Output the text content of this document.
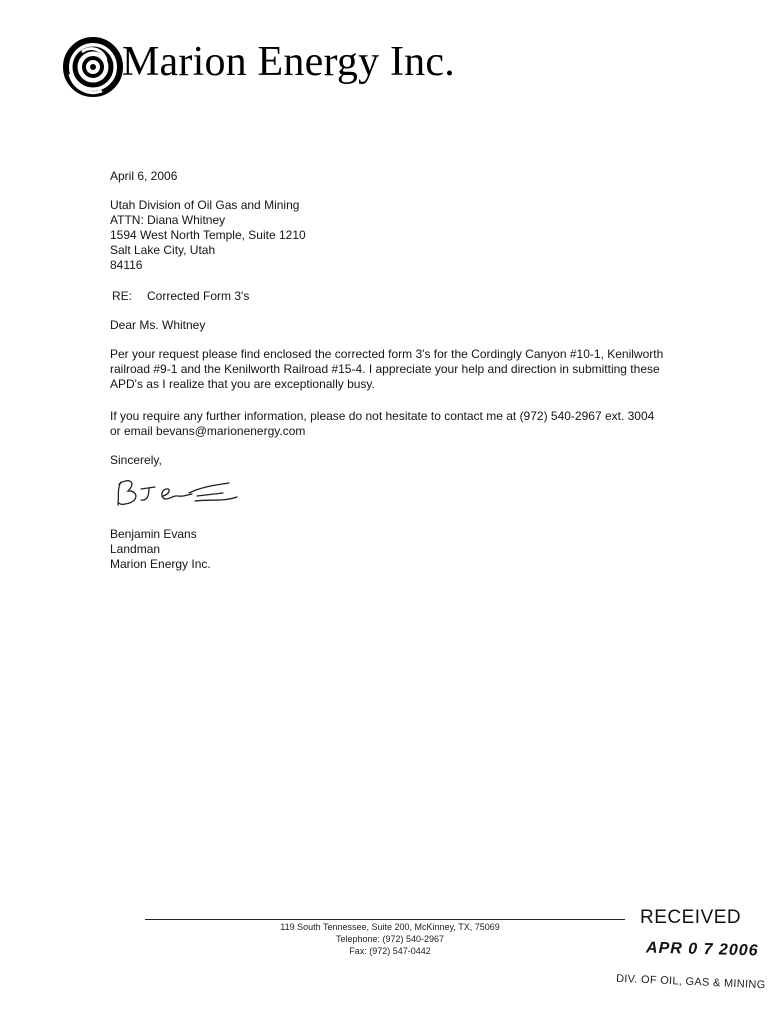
Marion Energy Inc.
April 6, 2006
Utah Division of Oil Gas and Mining
ATTN: Diana Whitney
1594 West North Temple, Suite 1210
Salt Lake City, Utah
84116
RE: Corrected Form 3's
Dear Ms. Whitney
Per your request please find enclosed the corrected form 3's for the Cordingly Canyon #10-1, Kenilworth
railroad #9-1 and the Kenilworth Railroad #15-4. I appreciate your help and direction in submitting these
APD's as I realize that you are exceptionally busy.
If you require any further information, please do not hesitate to contact me at (972) 540-2967 ext. 3004
or email bevans@marionenergy.com
Sincerely,
Benjamin Evans
Landman
Marion Energy Inc.
119 South Tennessee, Suite 200, McKinney, TX, 75069
Telephone: (972) 540-2967
Fax: (972) 547-0442
RECEIVED
APR 0 7 2006
DIV. OF OIL, GAS & MINING
